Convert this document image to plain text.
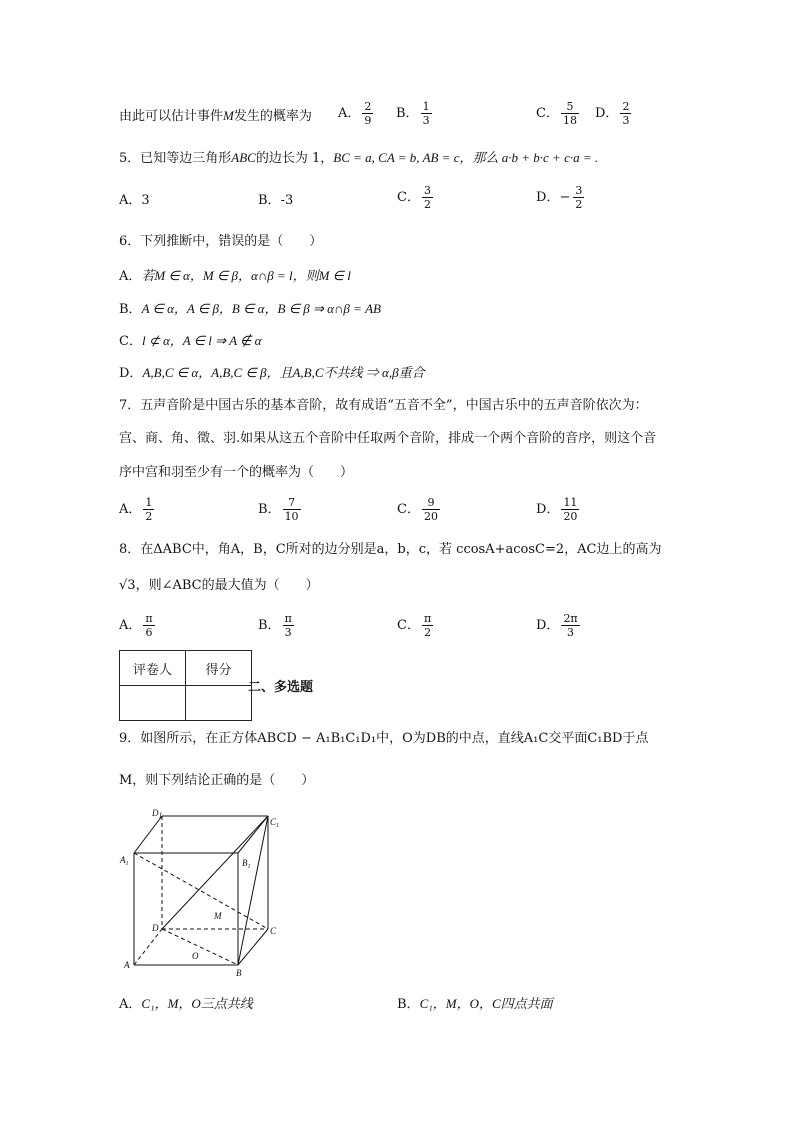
由此可以估计事件M发生的概率为 A． $\frac{2}{9}$ B． $\frac{1}{3}$	C． $\frac{5}{18}$ D． $\frac{2}{3}$
5．已知等边三角形ABC的边长为 1，BC = a, CA = b, AB = c，那么 a·b + b·c + c·a = .
A．3	B．-3	C． $\frac{3}{2}$	D．− $\frac{3}{2}$
6．下列推断中，错误的是（　　）
A．若M ∈ α，M ∈ β，α∩β = l，则M ∈ l
B．A ∈ α，A ∈ β，B ∈ α，B ∈ β ⇒ α∩β = AB
C．l ⊄ α，A ∈ l ⇒ A ∉ α
D．A,B,C ∈ α，A,B,C ∈ β，且A,B,C不共线 ⇒ α,β重合
7．五声音阶是中国古乐的基本音阶，故有成语“五音不全”，中国古乐中的五声音阶依次为：
宫、商、角、徵、羽.如果从这五个音阶中任取两个音阶，排成一个两个音阶的音序，则这个音
序中宫和羽至少有一个的概率为（　　）
A． $\frac{1}{2}$	B． $\frac{7}{10}$	C． $\frac{9}{20}$	D． $\frac{11}{20}$
8．在ΔABC中，角A，B，C所对的边分别是a，b，c，若 ccosA+acosC=2，AC边上的高为
√3，则∠ABC的最大值为（　　）
A． $\frac{\pi}{6}$	B． $\frac{\pi}{3}$	C． $\frac{\pi}{2}$	D． $\frac{2\pi}{3}$
评卷人	得分

二、多选题
9．如图所示，在正方体ABCD − A₁B₁C₁D₁中，O为DB的中点，直线A₁C交平面C₁BD于点
M，则下列结论正确的是（　　）
D1
$C_1$
$A_1$	$B_1$
M
D	C
O
A
B
A．C₁，M，O三点共线	B．C₁，M，O，C四点共面
